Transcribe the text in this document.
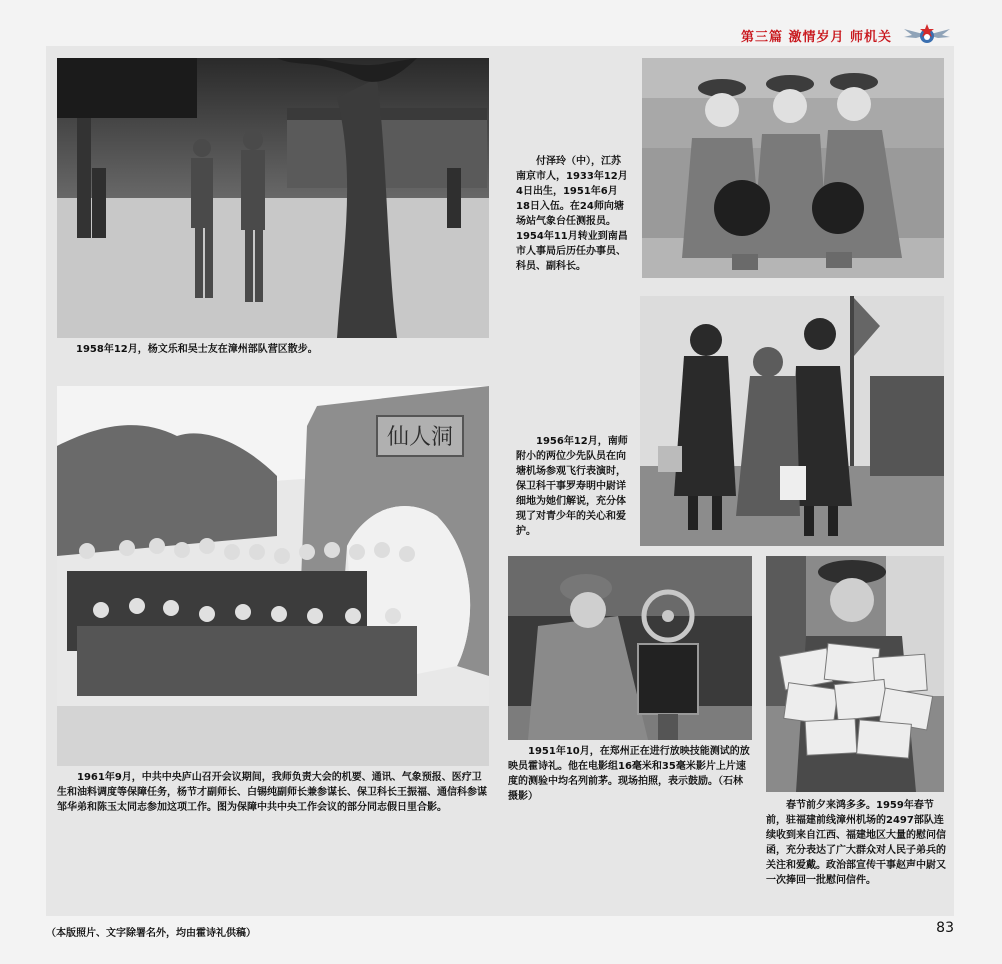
第三篇 激情岁月 师机关
1958年12月，杨文乐和吴士友在漳州部队营区散步。
付泽玲（中），江苏南京市人，1933年12月4日出生，1951年6月18日入伍。在24师向塘场站气象台任测报员。1954年11月转业到南昌市人事局后历任办事员、科员、副科长。
1956年12月，南师附小的两位少先队员在向塘机场参观飞行表演时，保卫科干事罗寿明中尉详细地为她们解说，充分体现了对青少年的关心和爱护。
仙人洞
1961年9月，中共中央庐山召开会议期间，我师负责大会的机要、通讯、气象预报、医疗卫生和油料调度等保障任务，杨节才副师长、白锡纯副师长兼参谋长、保卫科长王振福、通信科参谋邹华弟和陈玉太同志参加这项工作。图为保障中共中央工作会议的部分同志假日里合影。
1951年10月，在郑州正在进行放映技能测试的放映员霍诗礼。他在电影组16毫米和35毫米影片上片速度的测验中均名列前茅。现场拍照，表示鼓励。（石林摄影）
春节前夕来鸿多多。1959年春节前，驻福建前线漳州机场的2497部队连续收到来自江西、福建地区大量的慰问信函，充分表达了广大群众对人民子弟兵的关注和爱戴。政治部宣传干事赵声中尉又一次捧回一批慰问信件。
（本版照片、文字除署名外，均由霍诗礼供稿）	83
